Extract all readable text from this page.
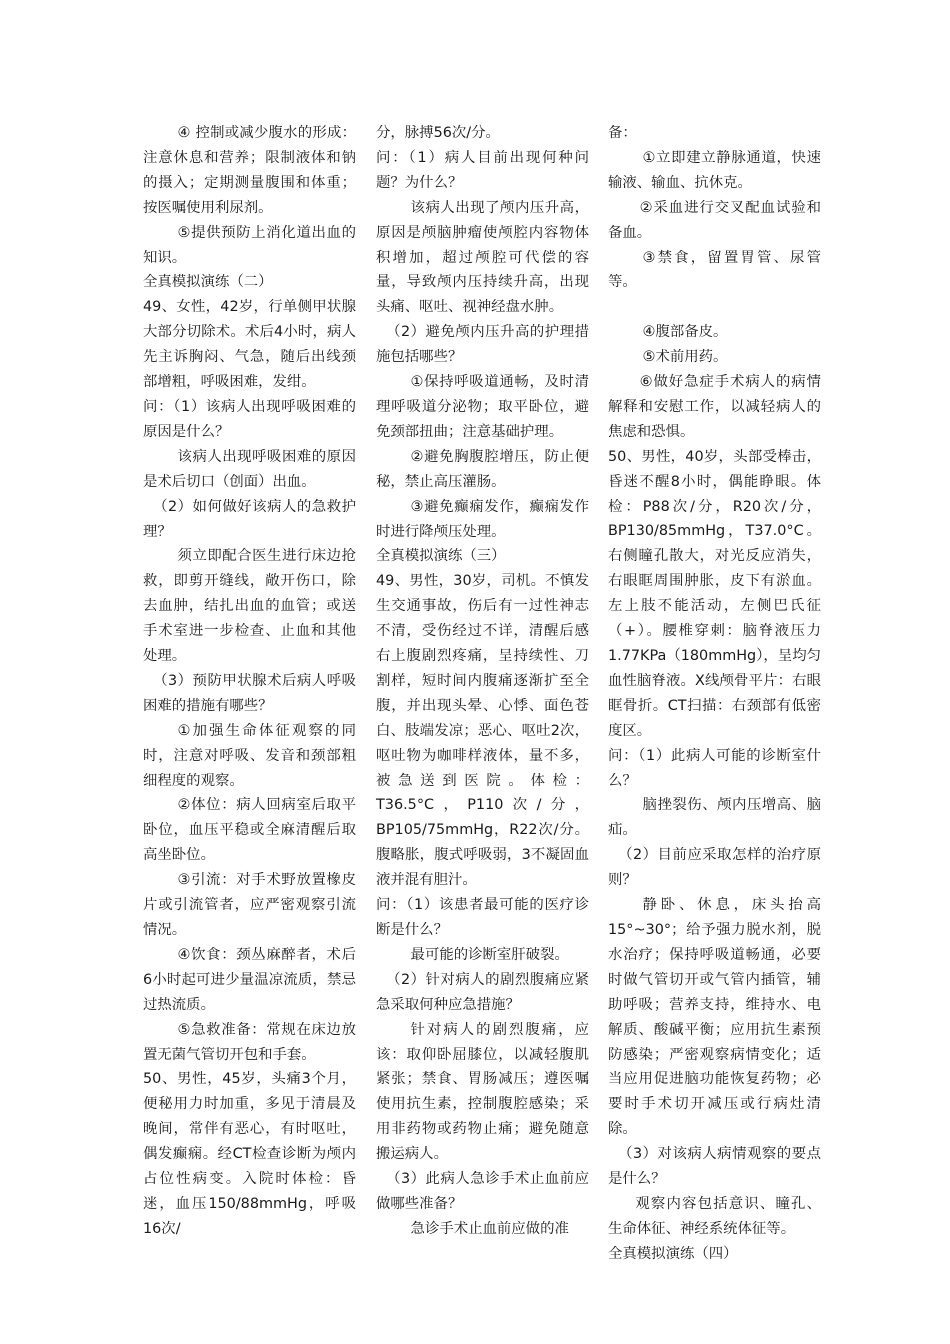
④ 控制或减少腹水的形成：注意休息和营养；限制液体和钠的摄入；定期测量腹围和体重；按医嘱使用利尿剂。

⑤提供预防上消化道出血的知识。

全真模拟演练（二）

49、女性，42岁，行单侧甲状腺大部分切除术。术后4小时，病人先主诉胸闷、气急，随后出线颈部增粗，呼吸困难，发绀。

问：（1）该病人出现呼吸困难的原因是什么？

该病人出现呼吸困难的原因是术后切口（创面）出血。

（2）如何做好该病人的急救护理？

须立即配合医生进行床边抢救，即剪开缝线，敞开伤口，除去血肿，结扎出血的血管；或送手术室进一步检查、止血和其他处理。

（3）预防甲状腺术后病人呼吸困难的措施有哪些？

①加强生命体征观察的同时，注意对呼吸、发音和颈部粗细程度的观察。

②体位：病人回病室后取平卧位，血压平稳或全麻清醒后取高坐卧位。

③引流：对手术野放置橡皮片或引流管者，应严密观察引流情况。

④饮食：颈丛麻醉者，术后6小时起可进少量温凉流质，禁忌过热流质。

⑤急救准备：常规在床边放置无菌气管切开包和手套。

50、男性，45岁，头痛3个月，便秘用力时加重，多见于清晨及晚间，常伴有恶心，有时呕吐，偶发癫痫。经CT检查诊断为颅内占位性病变。入院时体检：昏迷，血压150/88mmHg，呼吸16次/

分，脉搏56次/分。

问：（1）病人目前出现何种问题？为什么？

该病人出现了颅内压升高，原因是颅脑肿瘤使颅腔内容物体积增加，超过颅腔可代偿的容量，导致颅内压持续升高，出现头痛、呕吐、视神经盘水肿。

（2）避免颅内压升高的护理措施包括哪些？

①保持呼吸道通畅，及时清理呼吸道分泌物；取平卧位，避免颈部扭曲；注意基础护理。

②避免胸腹腔增压，防止便秘，禁止高压灌肠。

③避免癫痫发作，癫痫发作时进行降颅压处理。

全真模拟演练（三）

49、男性，30岁，司机。不慎发生交通事故，伤后有一过性神志不清，受伤经过不详，清醒后感右上腹剧烈疼痛，呈持续性、刀割样，短时间内腹痛逐渐扩至全腹，并出现头晕、心悸、面色苍白、肢端发凉；恶心、呕吐2次，呕吐物为咖啡样液体，量不多，被急送到医院。体检：T36.5°C，P110次/分，BP105/75mmHg，R22次/分。腹略胀，腹式呼吸弱，3不凝固血液并混有胆汁。

问：（1）该患者最可能的医疗诊断是什么？

最可能的诊断室肝破裂。

（2）针对病人的剧烈腹痛应紧急采取何种应急措施？

针对病人的剧烈腹痛，应该：取仰卧屈膝位，以减轻腹肌紧张；禁食、胃肠减压；遵医嘱使用抗生素，控制腹腔感染；采用非药物或药物止痛；避免随意搬运病人。

（3）此病人急诊手术止血前应做哪些准备？

急诊手术止血前应做的准

备：

①立即建立静脉通道，快速输液、输血、抗休克。

②采血进行交叉配血试验和备血。

③禁食，留置胃管、尿管等。

④腹部备皮。

⑤术前用药。

⑥做好急症手术病人的病情解释和安慰工作，以减轻病人的焦虑和恐惧。

50、男性，40岁，头部受棒击，昏迷不醒8小时，偶能睁眼。体检：P88次/分，R20次/分，BP130/85mmHg，T37.0°C。右侧瞳孔散大，对光反应消失，右眼眶周围肿胀，皮下有淤血。左上肢不能活动，左侧巴氏征（+）。腰椎穿刺：脑脊液压力1.77KPa（180mmHg），呈均匀血性脑脊液。X线颅骨平片：右眼眶骨折。CT扫描：右颈部有低密度区。

问：（1）此病人可能的诊断室什么？

脑挫裂伤、颅内压增高、脑疝。

（2）目前应采取怎样的治疗原则？

静卧、休息，床头抬高15°~30°；给予强力脱水剂，脱水治疗；保持呼吸道畅通，必要时做气管切开或气管内插管，辅助呼吸；营养支持，维持水、电解质、酸碱平衡；应用抗生素预防感染；严密观察病情变化；适当应用促进脑功能恢复药物；必要时手术切开减压或行病灶清除。

（3）对该病人病情观察的要点是什么？

观察内容包括意识、瞳孔、生命体征、神经系统体征等。

全真模拟演练（四）
